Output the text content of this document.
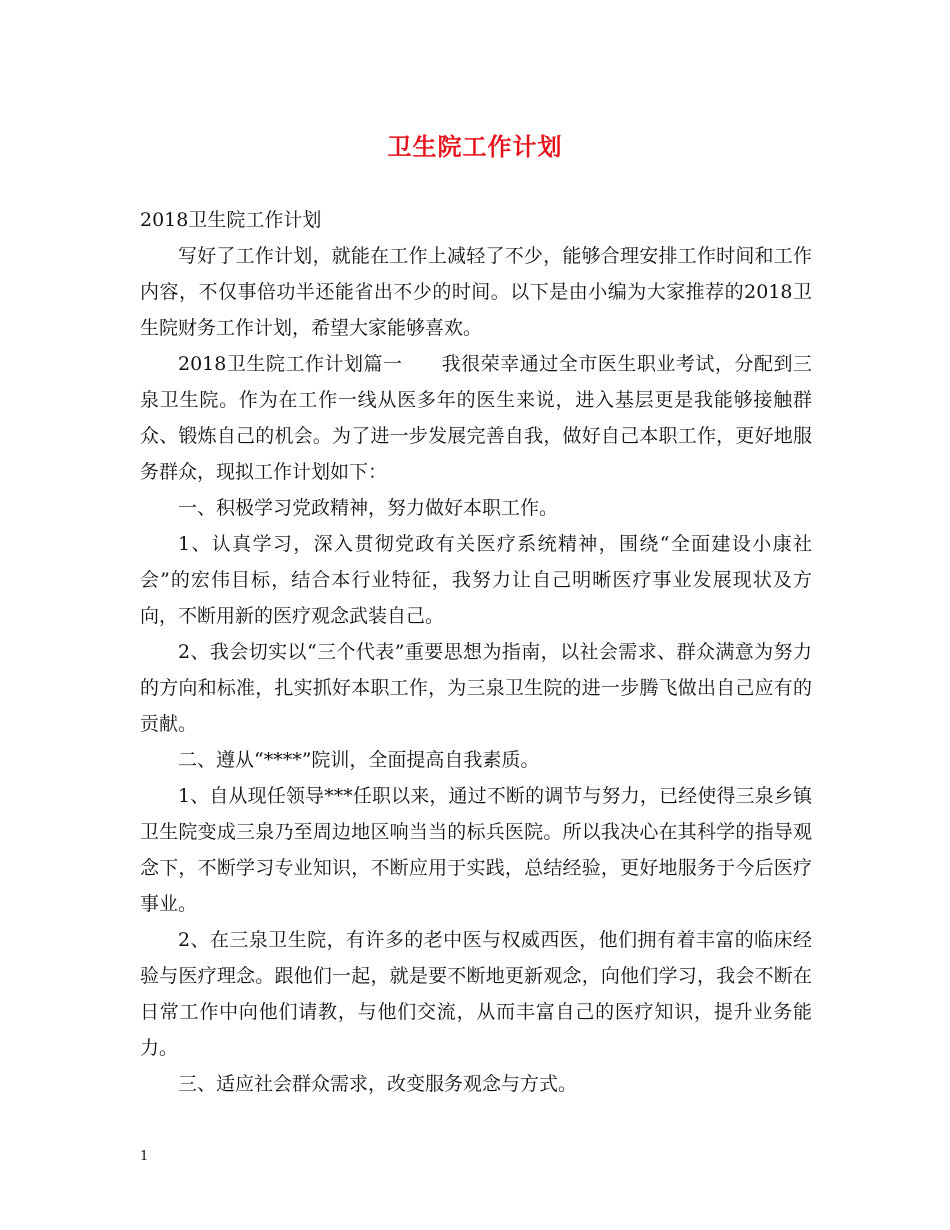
卫生院工作计划

2018卫生院工作计划

写好了工作计划，就能在工作上减轻了不少，能够合理安排工作时间和工作内容，不仅事倍功半还能省出不少的时间。以下是由小编为大家推荐的2018卫生院财务工作计划，希望大家能够喜欢。

2018卫生院工作计划篇一　　我很荣幸通过全市医生职业考试，分配到三泉卫生院。作为在工作一线从医多年的医生来说，进入基层更是我能够接触群众、锻炼自己的机会。为了进一步发展完善自我，做好自己本职工作，更好地服务群众，现拟工作计划如下：

一、积极学习党政精神，努力做好本职工作。

1、认真学习，深入贯彻党政有关医疗系统精神，围绕“全面建设小康社会”的宏伟目标，结合本行业特征，我努力让自己明晰医疗事业发展现状及方向，不断用新的医疗观念武装自己。

2、我会切实以“三个代表”重要思想为指南，以社会需求、群众满意为努力的方向和标准，扎实抓好本职工作，为三泉卫生院的进一步腾飞做出自己应有的贡献。

二、遵从“****”院训，全面提高自我素质。

1、自从现任领导***任职以来，通过不断的调节与努力，已经使得三泉乡镇卫生院变成三泉乃至周边地区响当当的标兵医院。所以我决心在其科学的指导观念下，不断学习专业知识，不断应用于实践，总结经验，更好地服务于今后医疗事业。

2、在三泉卫生院，有许多的老中医与权威西医，他们拥有着丰富的临床经验与医疗理念。跟他们一起，就是要不断地更新观念，向他们学习，我会不断在日常工作中向他们请教，与他们交流，从而丰富自己的医疗知识，提升业务能力。

三、适应社会群众需求，改变服务观念与方式。

1
